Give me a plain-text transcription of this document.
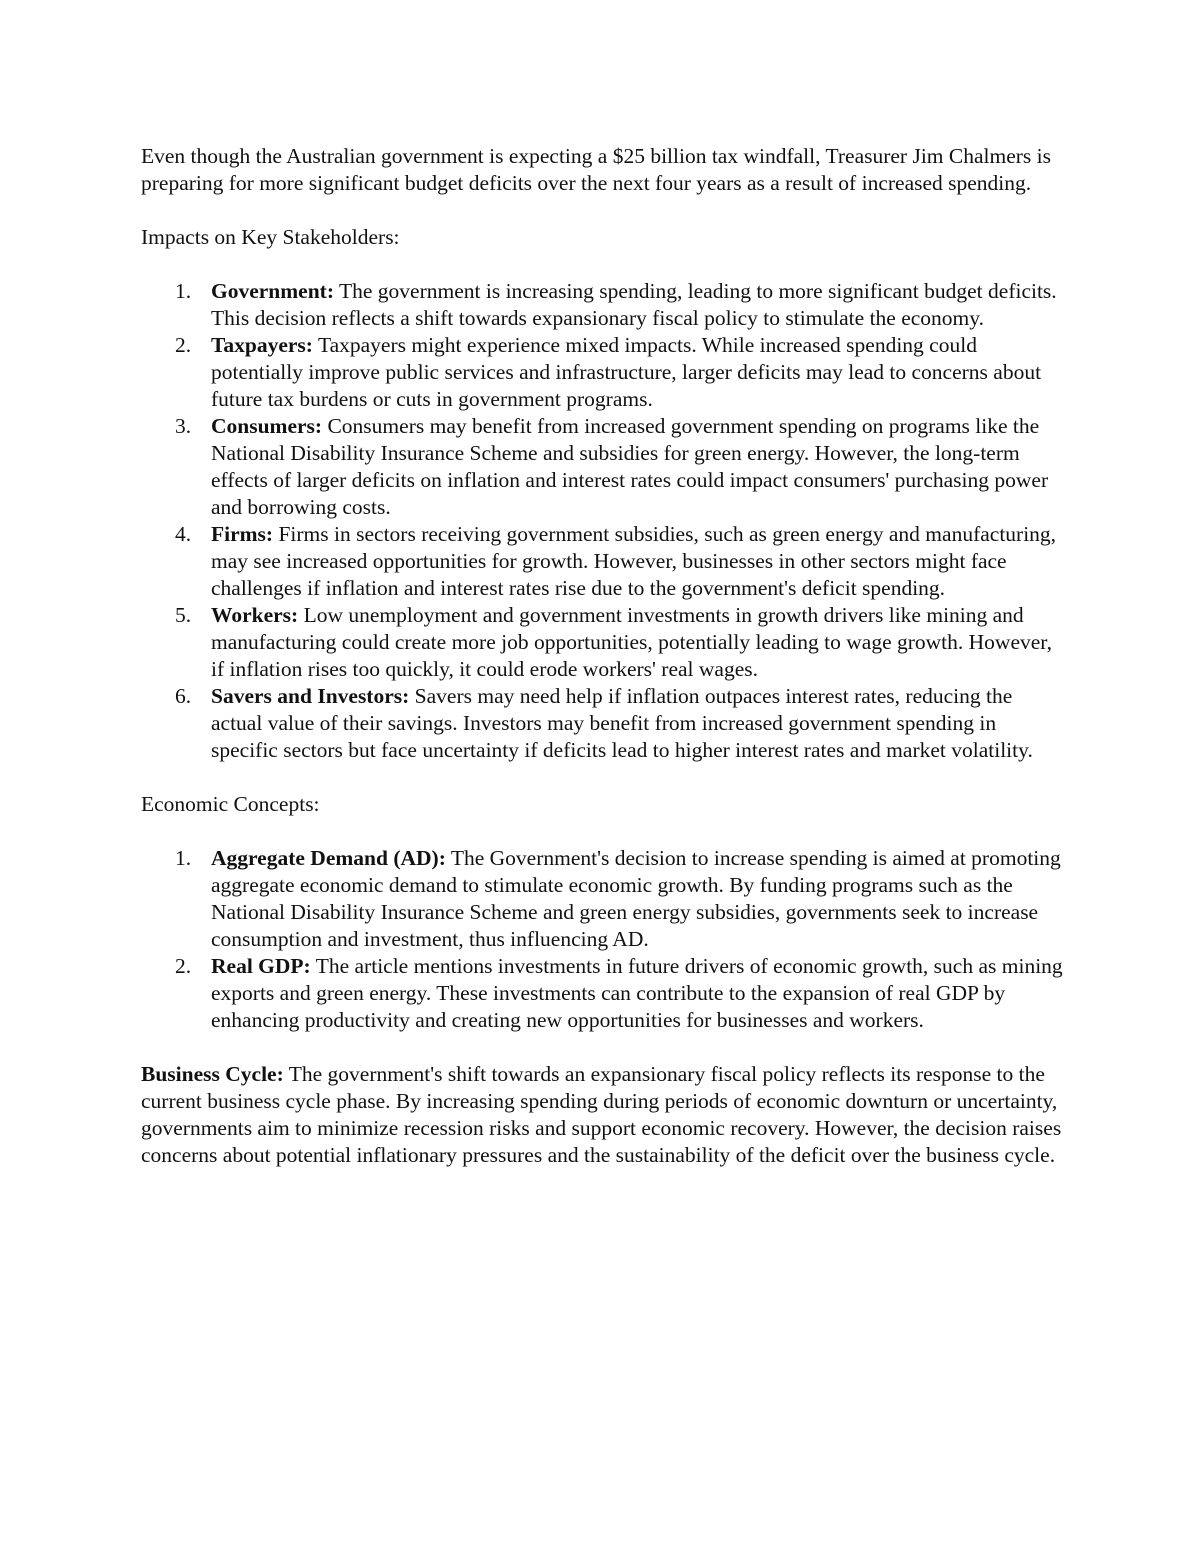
Even though the Australian government is expecting a $25 billion tax windfall, Treasurer Jim Chalmers is preparing for more significant budget deficits over the next four years as a result of increased spending.

Impacts on Key Stakeholders:

1. Government: The government is increasing spending, leading to more significant budget deficits. This decision reflects a shift towards expansionary fiscal policy to stimulate the economy.
2. Taxpayers: Taxpayers might experience mixed impacts. While increased spending could potentially improve public services and infrastructure, larger deficits may lead to concerns about future tax burdens or cuts in government programs.
3. Consumers: Consumers may benefit from increased government spending on programs like the National Disability Insurance Scheme and subsidies for green energy. However, the long-term effects of larger deficits on inflation and interest rates could impact consumers' purchasing power and borrowing costs.
4. Firms: Firms in sectors receiving government subsidies, such as green energy and manufacturing, may see increased opportunities for growth. However, businesses in other sectors might face challenges if inflation and interest rates rise due to the government's deficit spending.
5. Workers: Low unemployment and government investments in growth drivers like mining and manufacturing could create more job opportunities, potentially leading to wage growth. However, if inflation rises too quickly, it could erode workers' real wages.
6. Savers and Investors: Savers may need help if inflation outpaces interest rates, reducing the actual value of their savings. Investors may benefit from increased government spending in specific sectors but face uncertainty if deficits lead to higher interest rates and market volatility.

Economic Concepts:

1. Aggregate Demand (AD): The Government's decision to increase spending is aimed at promoting aggregate economic demand to stimulate economic growth. By funding programs such as the National Disability Insurance Scheme and green energy subsidies, governments seek to increase consumption and investment, thus influencing AD.
2. Real GDP: The article mentions investments in future drivers of economic growth, such as mining exports and green energy. These investments can contribute to the expansion of real GDP by enhancing productivity and creating new opportunities for businesses and workers.

Business Cycle: The government's shift towards an expansionary fiscal policy reflects its response to the current business cycle phase. By increasing spending during periods of economic downturn or uncertainty, governments aim to minimize recession risks and support economic recovery. However, the decision raises concerns about potential inflationary pressures and the sustainability of the deficit over the business cycle.
